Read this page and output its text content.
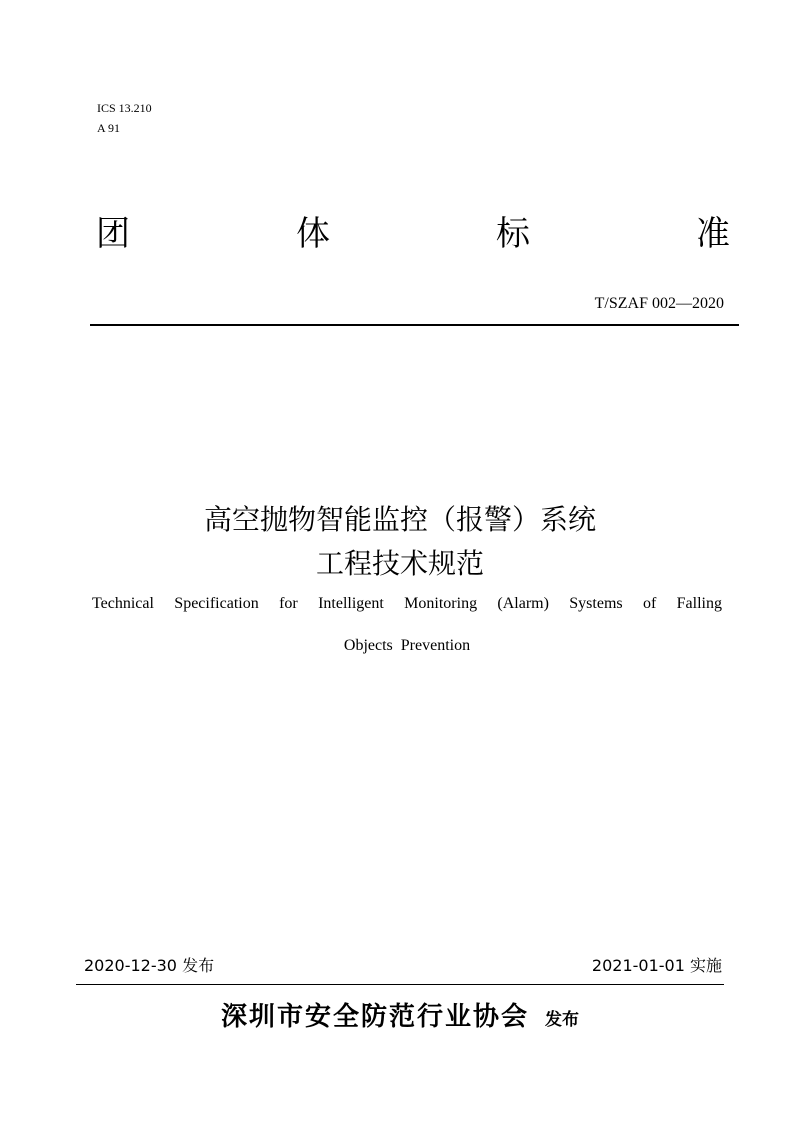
ICS 13.210
A 91
团	体	标	准
T/SZAF 002—2020
高空抛物智能监控（报警）系统
工程技术规范
Technical Specification for Intelligent Monitoring (Alarm) Systems of Falling
Objects Prevention
2020-12-30 发布	2021-01-01 实施
深圳市安全防范行业协会 发布
